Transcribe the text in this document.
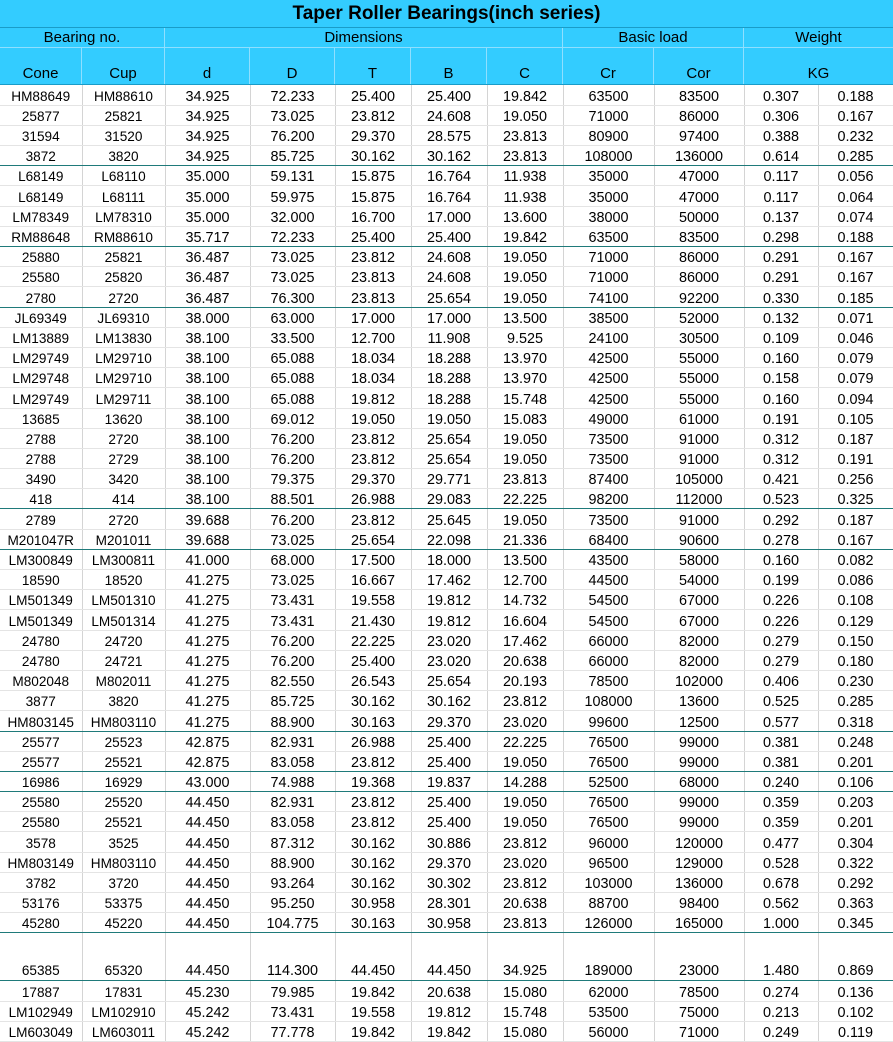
Taper Roller Bearings(inch series)
Bearing no.	Dimensions	Basic load	Weight
Cone	Cup	d	D	T	B	C	Cr	Cor	KG
HM88649	HM88610	34.925	72.233	25.400	25.400	19.842	63500	83500	0.307	0.188
25877	25821	34.925	73.025	23.812	24.608	19.050	71000	86000	0.306	0.167
31594	31520	34.925	76.200	29.370	28.575	23.813	80900	97400	0.388	0.232
3872	3820	34.925	85.725	30.162	30.162	23.813	108000	136000	0.614	0.285
L68149	L68110	35.000	59.131	15.875	16.764	11.938	35000	47000	0.117	0.056
L68149	L68111	35.000	59.975	15.875	16.764	11.938	35000	47000	0.117	0.064
LM78349	LM78310	35.000	32.000	16.700	17.000	13.600	38000	50000	0.137	0.074
RM88648	RM88610	35.717	72.233	25.400	25.400	19.842	63500	83500	0.298	0.188
25880	25821	36.487	73.025	23.812	24.608	19.050	71000	86000	0.291	0.167
25580	25820	36.487	73.025	23.813	24.608	19.050	71000	86000	0.291	0.167
2780	2720	36.487	76.300	23.813	25.654	19.050	74100	92200	0.330	0.185
JL69349	JL69310	38.000	63.000	17.000	17.000	13.500	38500	52000	0.132	0.071
LM13889	LM13830	38.100	33.500	12.700	11.908	9.525	24100	30500	0.109	0.046
LM29749	LM29710	38.100	65.088	18.034	18.288	13.970	42500	55000	0.160	0.079
LM29748	LM29710	38.100	65.088	18.034	18.288	13.970	42500	55000	0.158	0.079
LM29749	LM29711	38.100	65.088	19.812	18.288	15.748	42500	55000	0.160	0.094
13685	13620	38.100	69.012	19.050	19.050	15.083	49000	61000	0.191	0.105
2788	2720	38.100	76.200	23.812	25.654	19.050	73500	91000	0.312	0.187
2788	2729	38.100	76.200	23.812	25.654	19.050	73500	91000	0.312	0.191
3490	3420	38.100	79.375	29.370	29.771	23.813	87400	105000	0.421	0.256
418	414	38.100	88.501	26.988	29.083	22.225	98200	112000	0.523	0.325
2789	2720	39.688	76.200	23.812	25.645	19.050	73500	91000	0.292	0.187
M201047R	M201011	39.688	73.025	25.654	22.098	21.336	68400	90600	0.278	0.167
LM300849	LM300811	41.000	68.000	17.500	18.000	13.500	43500	58000	0.160	0.082
18590	18520	41.275	73.025	16.667	17.462	12.700	44500	54000	0.199	0.086
LM501349	LM501310	41.275	73.431	19.558	19.812	14.732	54500	67000	0.226	0.108
LM501349	LM501314	41.275	73.431	21.430	19.812	16.604	54500	67000	0.226	0.129
24780	24720	41.275	76.200	22.225	23.020	17.462	66000	82000	0.279	0.150
24780	24721	41.275	76.200	25.400	23.020	20.638	66000	82000	0.279	0.180
M802048	M802011	41.275	82.550	26.543	25.654	20.193	78500	102000	0.406	0.230
3877	3820	41.275	85.725	30.162	30.162	23.812	108000	13600	0.525	0.285
HM803145	HM803110	41.275	88.900	30.163	29.370	23.020	99600	12500	0.577	0.318
25577	25523	42.875	82.931	26.988	25.400	22.225	76500	99000	0.381	0.248
25577	25521	42.875	83.058	23.812	25.400	19.050	76500	99000	0.381	0.201
16986	16929	43.000	74.988	19.368	19.837	14.288	52500	68000	0.240	0.106
25580	25520	44.450	82.931	23.812	25.400	19.050	76500	99000	0.359	0.203
25580	25521	44.450	83.058	23.812	25.400	19.050	76500	99000	0.359	0.201
3578	3525	44.450	87.312	30.162	30.886	23.812	96000	120000	0.477	0.304
HM803149	HM803110	44.450	88.900	30.162	29.370	23.020	96500	129000	0.528	0.322
3782	3720	44.450	93.264	30.162	30.302	23.812	103000	136000	0.678	0.292
53176	53375	44.450	95.250	30.958	28.301	20.638	88700	98400	0.562	0.363
45280	45220	44.450	104.775	30.163	30.958	23.813	126000	165000	1.000	0.345
65385	65320	44.450	114.300	44.450	44.450	34.925	189000	23000	1.480	0.869
17887	17831	45.230	79.985	19.842	20.638	15.080	62000	78500	0.274	0.136
LM102949	LM102910	45.242	73.431	19.558	19.812	15.748	53500	75000	0.213	0.102
LM603049	LM603011	45.242	77.778	19.842	19.842	15.080	56000	71000	0.249	0.119
